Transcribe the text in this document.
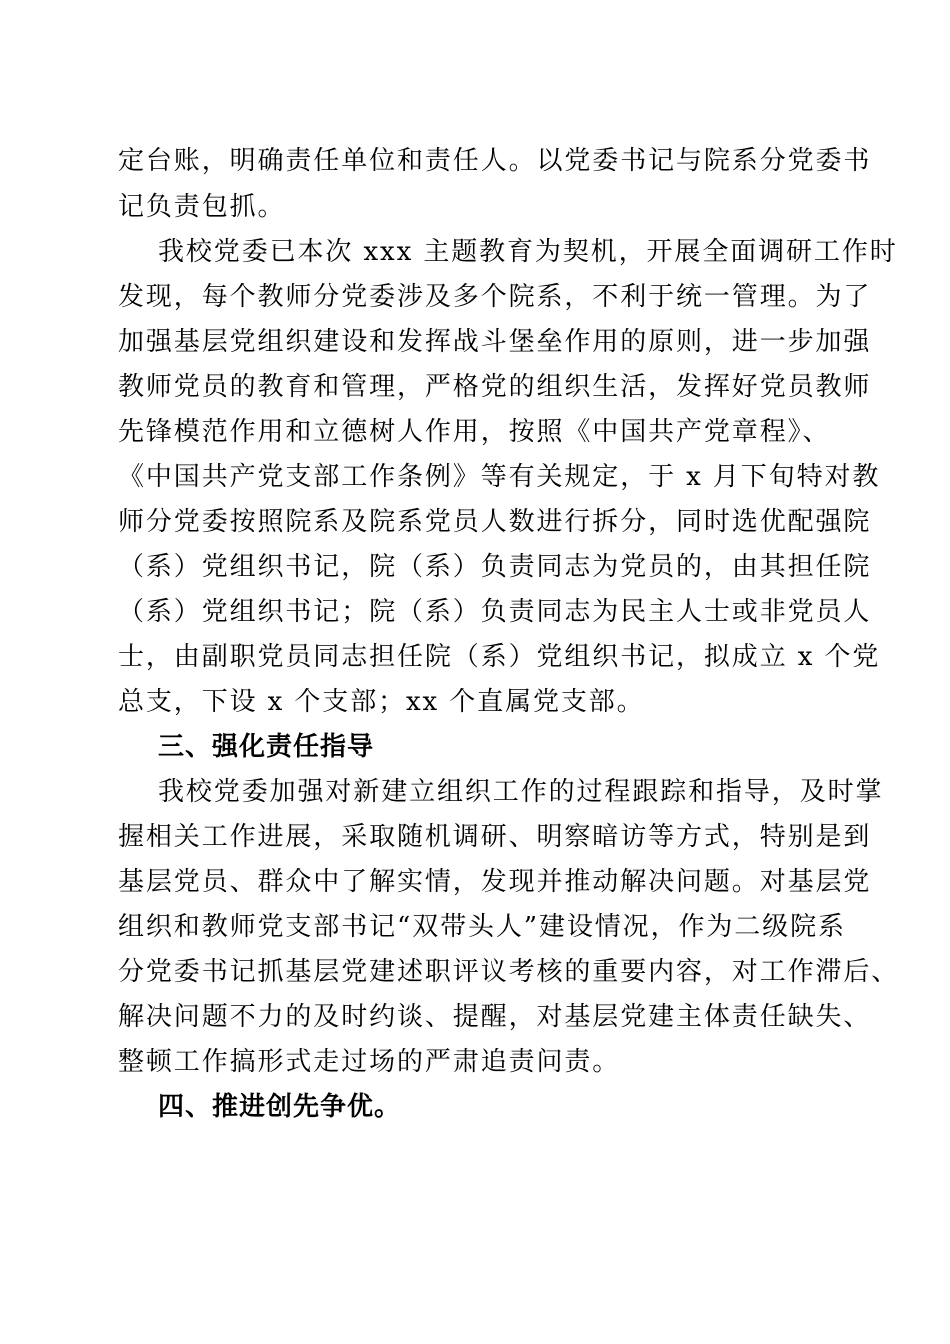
定台账，明确责任单位和责任人。以党委书记与院系分党委书
记负责包抓。
我校党委已本次 xxx 主题教育为契机，开展全面调研工作时
发现，每个教师分党委涉及多个院系，不利于统一管理。为了
加强基层党组织建设和发挥战斗堡垒作用的原则，进一步加强
教师党员的教育和管理，严格党的组织生活，发挥好党员教师
先锋模范作用和立德树人作用，按照《中国共产党章程》、
《中国共产党支部工作条例》等有关规定，于 x 月下旬特对教
师分党委按照院系及院系党员人数进行拆分，同时选优配强院
（系）党组织书记，院（系）负责同志为党员的，由其担任院
（系）党组织书记；院（系）负责同志为民主人士或非党员人
士，由副职党员同志担任院（系）党组织书记，拟成立 x 个党
总支，下设 x 个支部；xx 个直属党支部。
三、强化责任指导
我校党委加强对新建立组织工作的过程跟踪和指导，及时掌
握相关工作进展，采取随机调研、明察暗访等方式，特别是到
基层党员、群众中了解实情，发现并推动解决问题。对基层党
组织和教师党支部书记“双带头人”建设情况，作为二级院系
分党委书记抓基层党建述职评议考核的重要内容，对工作滞后、
解决问题不力的及时约谈、提醒，对基层党建主体责任缺失、
整顿工作搞形式走过场的严肃追责问责。
四、推进创先争优。
